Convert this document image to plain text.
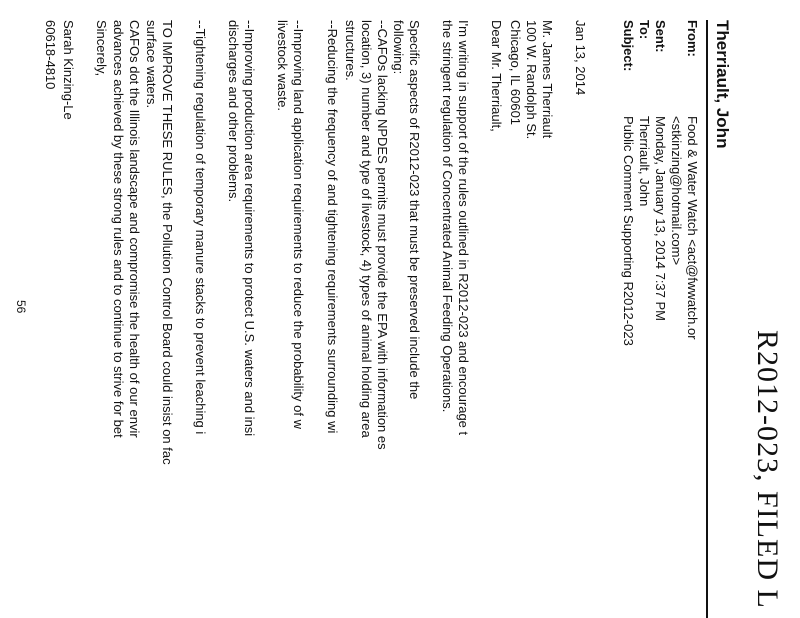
R2012-023, FILED L
Therriault, John
From:
Food & Water Watch <act@fwwatch.or
<stkinzing@hotmail.com>
Sent:
Monday, January 13, 2014 7:37 PM
To:
Therriault, John
Subject:
Public Comment Supporting R2012-023
Jan 13, 2014
Mr. James Therriault
100 W. Randolph St.
Chicago, IL 60601
Dear Mr. Therriault,
I'm writing in support of the rules outlined in R2012-023 and encourage t
the stringent regulation of Concentrated Animal Feeding Operations.
Specific aspects of R2012-023 that must be preserved include the
following:
--CAFOs lacking NPDES permits must provide the EPA with information es
location, 3) number and type of livestock, 4) types of animal holding area
structures.
--Reducing the frequency of and tightening requirements surrounding wi
--Improving land application requirements to reduce the probability of w
livestock waste.
--Improving production area requirements to protect U.S. waters and insi
discharges and other problems.
--Tightening regulation of temporary manure stacks to prevent leaching i
TO IMPROVE THESE RULES, the Pollution Control Board could insist on fac
surface waters.
CAFOs dot the Illinois landscape and compromise the health of our envir
advances achieved by these strong rules and to continue to strive for bet
Sincerely,
Sarah Kinzing-Le
60618-4810
56
